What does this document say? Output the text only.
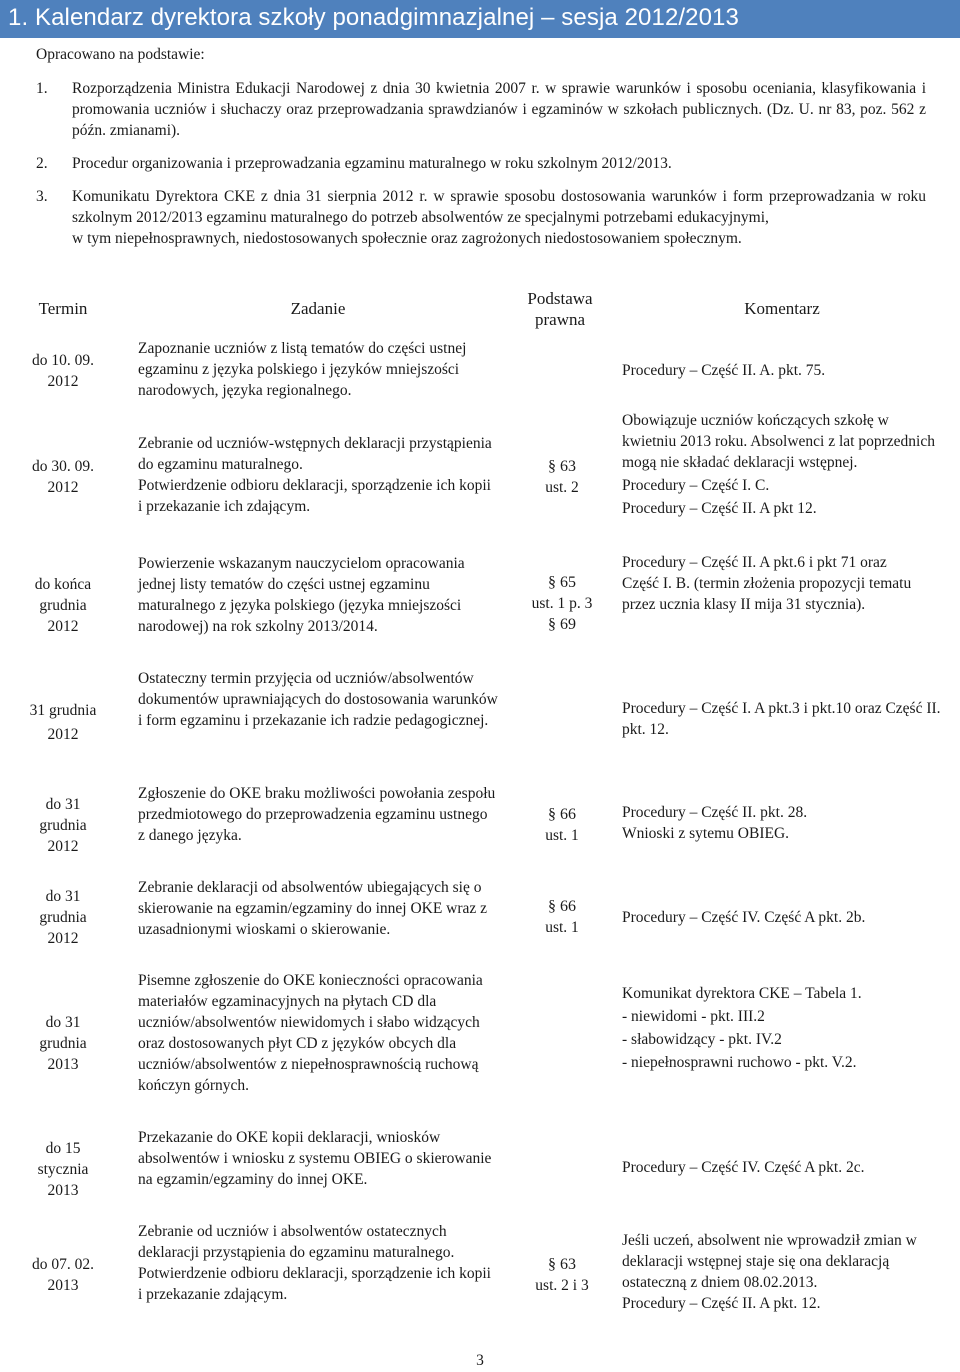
1. Kalendarz dyrektora szkoły ponadgimnazjalnej – sesja 2012/2013
Opracowano na podstawie:
1. Rozporządzenia Ministra Edukacji Narodowej z dnia 30 kwietnia 2007 r. w sprawie warunków i sposobu oceniania, klasyfikowania i promowania uczniów i słuchaczy oraz przeprowadzania sprawdzianów i egzaminów w szkołach publicznych. (Dz. U. nr 83, poz. 562 z późn. zmianami).
2. Procedur organizowania i przeprowadzania egzaminu maturalnego w roku szkolnym 2012/2013.
3. Komunikatu Dyrektora CKE z dnia 31 sierpnia 2012 r. w sprawie sposobu dostosowania warunków i form przeprowadzania w roku szkolnym 2012/2013 egzaminu maturalnego do potrzeb absolwentów ze specjalnymi potrzebami edukacyjnymi,
w tym niepełnosprawnych, niedostosowanych społecznie oraz zagrożonych niedostosowaniem społecznym.
Termin	Zadanie
Podstawa prawna
Komentarz
do 10. 09.
2012
Zapoznanie uczniów z listą tematów do części ustnej egzaminu z języka polskiego i języków mniejszości narodowych, języka regionalnego.
Procedury – Część II. A. pkt. 75.
do 30. 09.
2012
Zebranie od uczniów-wstępnych deklaracji przystąpienia do egzaminu maturalnego.
Potwierdzenie odbioru deklaracji, sporządzenie ich kopii i przekazanie ich zdającym.
§ 63
ust. 2
Obowiązuje uczniów kończących szkołę w kwietniu 2013 roku. Absolwenci z lat poprzednich mogą nie składać deklaracji wstępnej.
Procedury – Część I. C.
Procedury – Część II. A pkt 12.
do końca
grudnia
2012
Powierzenie wskazanym nauczycielom opracowania jednej listy tematów do części ustnej egzaminu maturalnego z języka polskiego (języka mniejszości narodowej) na rok szkolny 2013/2014.
§ 65
ust. 1 p. 3
§ 69
Procedury – Część II. A pkt.6 i pkt 71 oraz
Część I. B. (termin złożenia propozycji tematu przez ucznia klasy II mija 31 stycznia).
31 grudnia
2012
Ostateczny termin przyjęcia od uczniów/absolwentów dokumentów uprawniających do dostosowania warunków i form egzaminu i przekazanie ich radzie pedagogicznej.
Procedury – Część I. A pkt.3 i pkt.10 oraz Część II. pkt. 12.
do 31
grudnia
2012
Zgłoszenie do OKE braku możliwości powołania zespołu przedmiotowego do przeprowadzenia egzaminu ustnego z danego języka.
§ 66
ust. 1
Procedury – Część II. pkt. 28.
Wnioski z sytemu OBIEG.
do 31
grudnia
2012
Zebranie deklaracji od absolwentów ubiegających się o skierowanie na egzamin/egzaminy do innej OKE wraz z uzasadnionymi wioskami o skierowanie.
§ 66
ust. 1
Procedury – Część IV. Część A pkt. 2b.
do 31
grudnia
2013
Pisemne zgłoszenie do OKE konieczności opracowania materiałów egzaminacyjnych na płytach CD dla uczniów/absolwentów niewidomych i słabo widzących oraz dostosowanych płyt CD z języków obcych dla uczniów/absolwentów z niepełnosprawnością ruchową kończyn górnych.
Komunikat dyrektora CKE – Tabela 1.
- niewidomi - pkt. III.2
- słabowidzący - pkt. IV.2
- niepełnosprawni ruchowo - pkt. V.2.
do 15
stycznia
2013
Przekazanie do OKE kopii deklaracji, wniosków absolwentów i wniosku z systemu OBIEG o skierowanie na egzamin/egzaminy do innej OKE.
Procedury – Część IV. Część A pkt. 2c.
do 07. 02.
2013
Zebranie od uczniów i absolwentów ostatecznych deklaracji przystąpienia do egzaminu maturalnego.
Potwierdzenie odbioru deklaracji, sporządzenie ich kopii i przekazanie zdającym.
§ 63
ust. 2 i 3
Jeśli uczeń, absolwent nie wprowadził zmian w deklaracji wstępnej staje się ona deklaracją ostateczną z dniem 08.02.2013.
Procedury – Część II. A pkt. 12.
3
